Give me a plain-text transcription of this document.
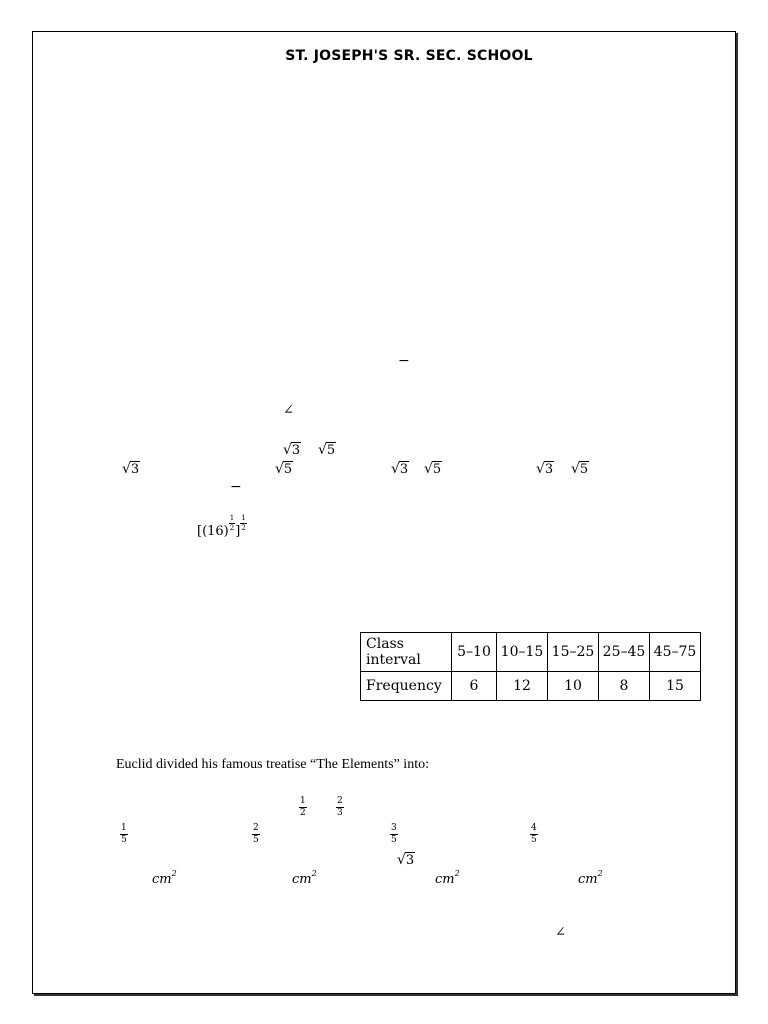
ST. JOSEPH'S SR. SEC. SCHOOL
−
∠
√3 √5
√3	√5	√3 √5	√3 √5
−
[$(16) \frac{1}{2}$ ] $\frac{1}{2}$
Class interval	5–10	10–15	15–25	25–45	45–75
Frequency	6	12	10	8	15
Euclid divided his famous treatise “The Elements” into:
$\frac{1}{2}$	$\frac{2}{3}$
$\frac{1}{5}$	$\frac{2}{5}$	$\frac{3}{5}$	$\frac{4}{5}$
√3
$cm^2$	$cm^2$	$cm^2$	$cm^2$
∠
